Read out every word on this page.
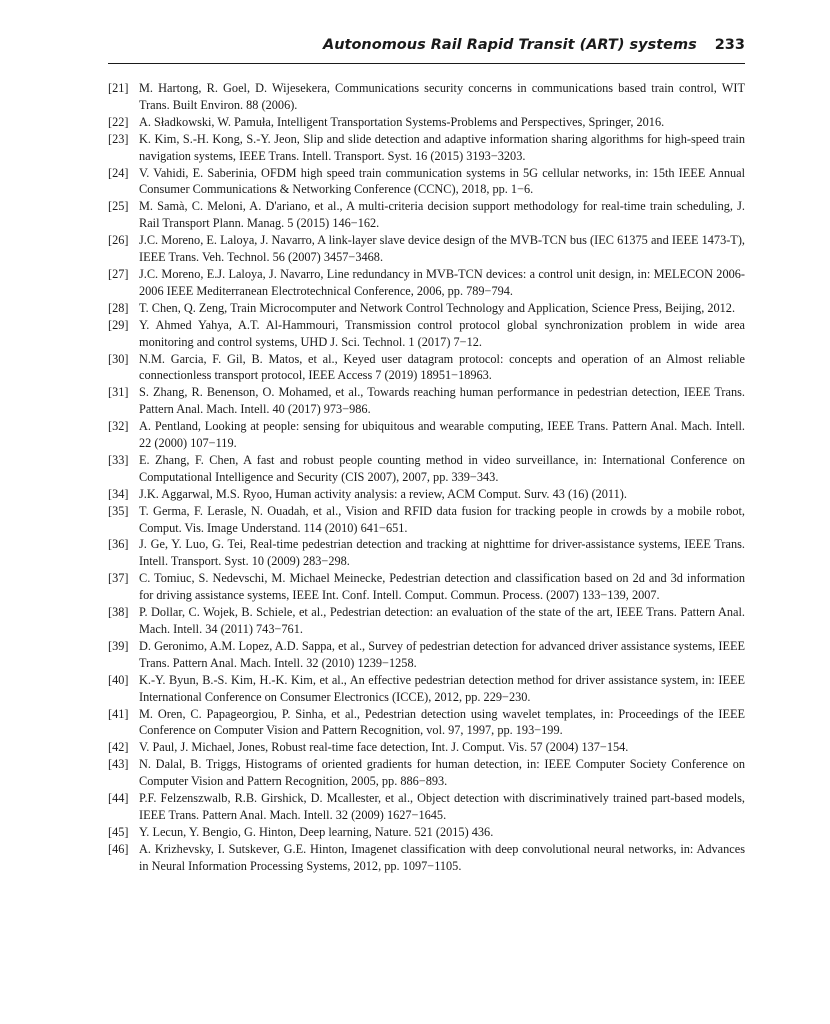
Autonomous Rail Rapid Transit (ART) systems 233
[21] M. Hartong, R. Goel, D. Wijesekera, Communications security concerns in communications based train control, WIT Trans. Built Environ. 88 (2006).
[22] A. Sładkowski, W. Pamuła, Intelligent Transportation Systems-Problems and Perspectives, Springer, 2016.
[23] K. Kim, S.-H. Kong, S.-Y. Jeon, Slip and slide detection and adaptive information sharing algorithms for high-speed train navigation systems, IEEE Trans. Intell. Transport. Syst. 16 (2015) 3193−3203.
[24] V. Vahidi, E. Saberinia, OFDM high speed train communication systems in 5G cellular networks, in: 15th IEEE Annual Consumer Communications & Networking Conference (CCNC), 2018, pp. 1−6.
[25] M. Samà, C. Meloni, A. D'ariano, et al., A multi-criteria decision support methodology for real-time train scheduling, J. Rail Transport Plann. Manag. 5 (2015) 146−162.
[26] J.C. Moreno, E. Laloya, J. Navarro, A link-layer slave device design of the MVB-TCN bus (IEC 61375 and IEEE 1473-T), IEEE Trans. Veh. Technol. 56 (2007) 3457−3468.
[27] J.C. Moreno, E.J. Laloya, J. Navarro, Line redundancy in MVB-TCN devices: a control unit design, in: MELECON 2006-2006 IEEE Mediterranean Electrotechnical Conference, 2006, pp. 789−794.
[28] T. Chen, Q. Zeng, Train Microcomputer and Network Control Technology and Application, Science Press, Beijing, 2012.
[29] Y. Ahmed Yahya, A.T. Al-Hammouri, Transmission control protocol global synchronization problem in wide area monitoring and control systems, UHD J. Sci. Technol. 1 (2017) 7−12.
[30] N.M. Garcia, F. Gil, B. Matos, et al., Keyed user datagram protocol: concepts and operation of an Almost reliable connectionless transport protocol, IEEE Access 7 (2019) 18951−18963.
[31] S. Zhang, R. Benenson, O. Mohamed, et al., Towards reaching human performance in pedestrian detection, IEEE Trans. Pattern Anal. Mach. Intell. 40 (2017) 973−986.
[32] A. Pentland, Looking at people: sensing for ubiquitous and wearable computing, IEEE Trans. Pattern Anal. Mach. Intell. 22 (2000) 107−119.
[33] E. Zhang, F. Chen, A fast and robust people counting method in video surveillance, in: International Conference on Computational Intelligence and Security (CIS 2007), 2007, pp. 339−343.
[34] J.K. Aggarwal, M.S. Ryoo, Human activity analysis: a review, ACM Comput. Surv. 43 (16) (2011).
[35] T. Germa, F. Lerasle, N. Ouadah, et al., Vision and RFID data fusion for tracking people in crowds by a mobile robot, Comput. Vis. Image Understand. 114 (2010) 641−651.
[36] J. Ge, Y. Luo, G. Tei, Real-time pedestrian detection and tracking at nighttime for driver-assistance systems, IEEE Trans. Intell. Transport. Syst. 10 (2009) 283−298.
[37] C. Tomiuc, S. Nedevschi, M. Michael Meinecke, Pedestrian detection and classification based on 2d and 3d information for driving assistance systems, IEEE Int. Conf. Intell. Comput. Commun. Process. (2007) 133−139, 2007.
[38] P. Dollar, C. Wojek, B. Schiele, et al., Pedestrian detection: an evaluation of the state of the art, IEEE Trans. Pattern Anal. Mach. Intell. 34 (2011) 743−761.
[39] D. Geronimo, A.M. Lopez, A.D. Sappa, et al., Survey of pedestrian detection for advanced driver assistance systems, IEEE Trans. Pattern Anal. Mach. Intell. 32 (2010) 1239−1258.
[40] K.-Y. Byun, B.-S. Kim, H.-K. Kim, et al., An effective pedestrian detection method for driver assistance system, in: IEEE International Conference on Consumer Electronics (ICCE), 2012, pp. 229−230.
[41] M. Oren, C. Papageorgiou, P. Sinha, et al., Pedestrian detection using wavelet templates, in: Proceedings of the IEEE Conference on Computer Vision and Pattern Recognition, vol. 97, 1997, pp. 193−199.
[42] V. Paul, J. Michael, Jones, Robust real-time face detection, Int. J. Comput. Vis. 57 (2004) 137−154.
[43] N. Dalal, B. Triggs, Histograms of oriented gradients for human detection, in: IEEE Computer Society Conference on Computer Vision and Pattern Recognition, 2005, pp. 886−893.
[44] P.F. Felzenszwalb, R.B. Girshick, D. Mcallester, et al., Object detection with discriminatively trained part-based models, IEEE Trans. Pattern Anal. Mach. Intell. 32 (2009) 1627−1645.
[45] Y. Lecun, Y. Bengio, G. Hinton, Deep learning, Nature. 521 (2015) 436.
[46] A. Krizhevsky, I. Sutskever, G.E. Hinton, Imagenet classification with deep convolutional neural networks, in: Advances in Neural Information Processing Systems, 2012, pp. 1097−1105.
